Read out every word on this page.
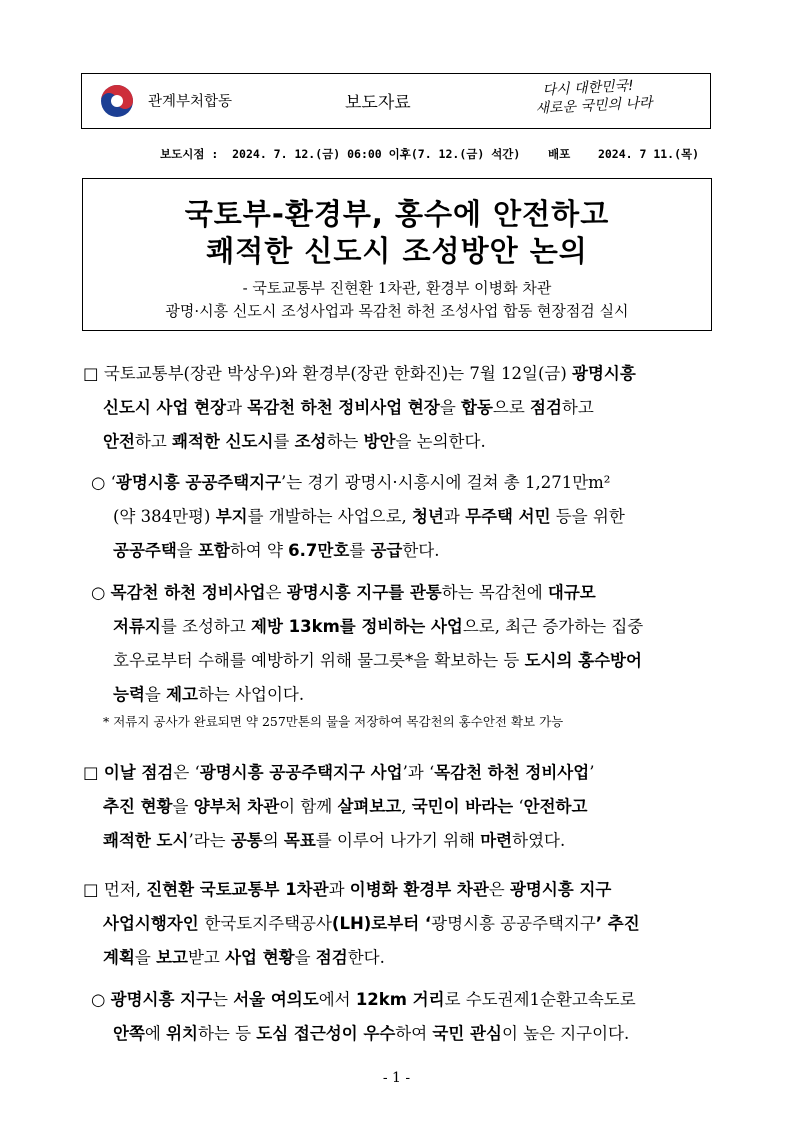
관계부처합동	보도자료
다시 대한민국!
새로운 국민의 나라
보도시점 :  2024. 7. 12.(금) 06:00 이후(7. 12.(금) 석간)    배포    2024. 7 11.(목)
국토부-환경부, 홍수에 안전하고
쾌적한 신도시 조성방안 논의
- 국토교통부 진현환 1차관, 환경부 이병화 차관
광명·시흥 신도시 조성사업과 목감천 하천 조성사업 합동 현장점검 실시
□ 국토교통부(장관 박상우)와 환경부(장관 한화진)는 7월 12일(금) 광명시흥
신도시 사업 현장과 목감천 하천 정비사업 현장을 합동으로 점검하고
안전하고 쾌적한 신도시를 조성하는 방안을 논의한다.
○ ‘광명시흥 공공주택지구’는 경기 광명시·시흥시에 걸쳐 총 1,271만m²
(약 384만평) 부지를 개발하는 사업으로, 청년과 무주택 서민 등을 위한
공공주택을 포함하여 약 6.7만호를 공급한다.
○ 목감천 하천 정비사업은 광명시흥 지구를 관통하는 목감천에 대규모
저류지를 조성하고 제방 13km를 정비하는 사업으로, 최근 증가하는 집중
호우로부터 수해를 예방하기 위해 물그릇*을 확보하는 등 도시의 홍수방어
능력을 제고하는 사업이다.
* 저류지 공사가 완료되면 약 257만톤의 물을 저장하여 목감천의 홍수안전 확보 가능
□ 이날 점검은 ‘광명시흥 공공주택지구 사업’과 ‘목감천 하천 정비사업’
추진 현황을 양부처 차관이 함께 살펴보고, 국민이 바라는 ‘안전하고
쾌적한 도시’라는 공통의 목표를 이루어 나가기 위해 마련하였다.
□ 먼저, 진현환 국토교통부 1차관과 이병화 환경부 차관은 광명시흥 지구
사업시행자인 한국토지주택공사(LH)로부터 ‘광명시흥 공공주택지구’ 추진
계획을 보고받고 사업 현황을 점검한다.
○ 광명시흥 지구는 서울 여의도에서 12km 거리로 수도권제1순환고속도로
안쪽에 위치하는 등 도심 접근성이 우수하여 국민 관심이 높은 지구이다.
- 1 -
